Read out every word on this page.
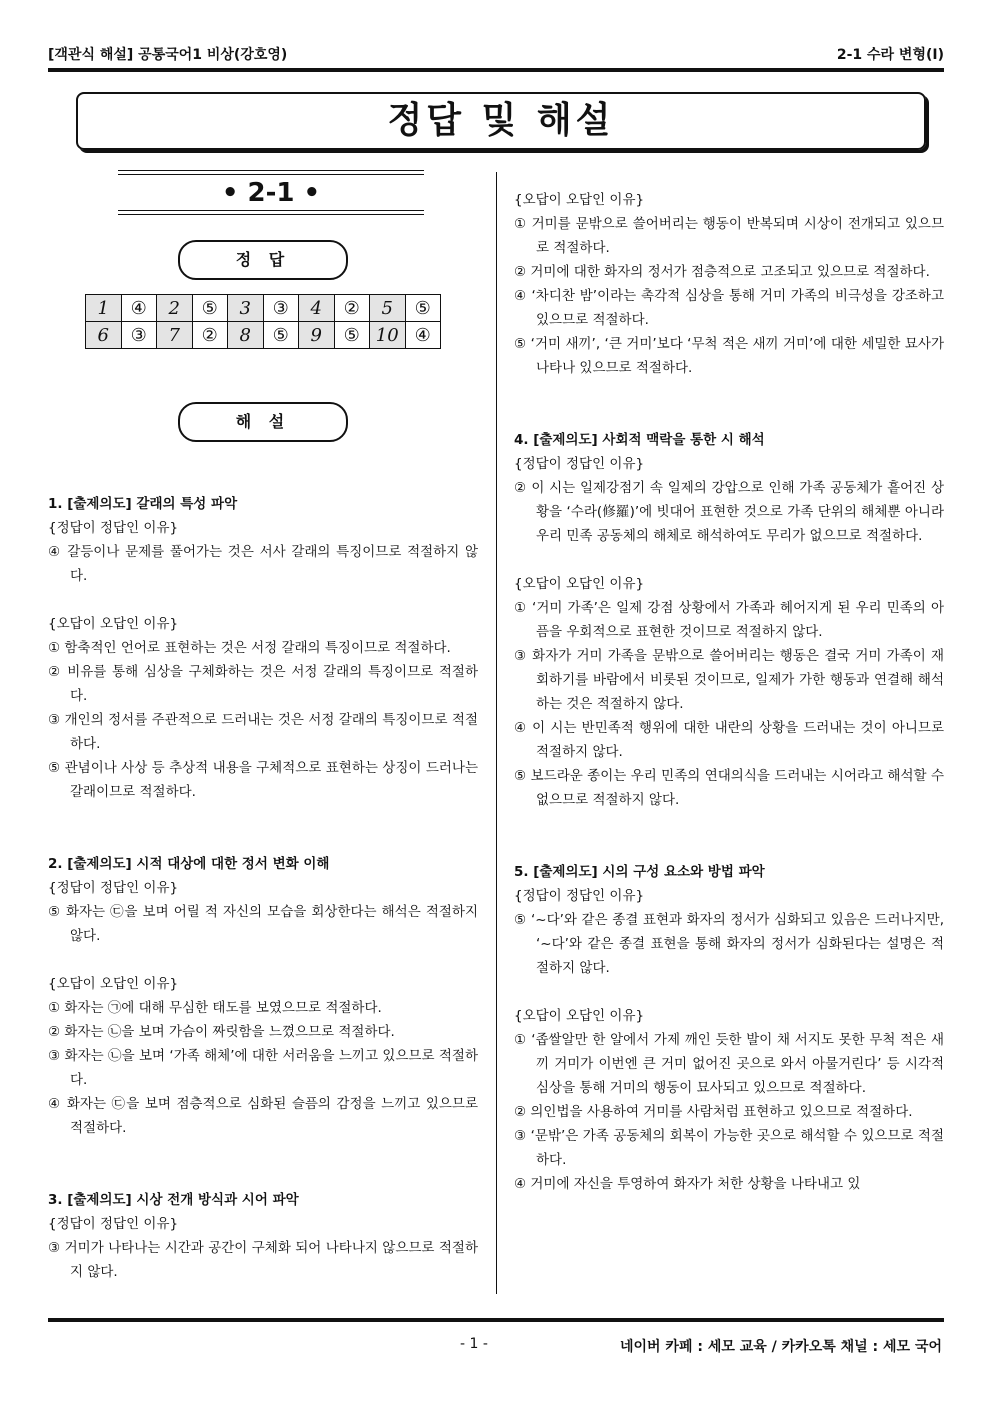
[객관식 해설] 공통국어1 비상(강호영)	2-1 수라 변형(I)
정답 및 해설
• 2-1 •
정 답
1	④	2	⑤	3	③	4	②	5	⑤
6	③	7	②	8	⑤	9	⑤	10	④
해 설

1. [출제의도] 갈래의 특성 파악

{정답이 정답인 이유}

④ 갈등이나 문제를 풀어가는 것은 서사 갈래의 특징이므로 적절하지 않다.

{오답이 오답인 이유}

① 함축적인 언어로 표현하는 것은 서정 갈래의 특징이므로 적절하다.

② 비유를 통해 심상을 구체화하는 것은 서정 갈래의 특징이므로 적절하다.

③ 개인의 정서를 주관적으로 드러내는 것은 서정 갈래의 특징이므로 적절하다.

⑤ 관념이나 사상 등 추상적 내용을 구체적으로 표현하는 상징이 드러나는 갈래이므로 적절하다.

2. [출제의도] 시적 대상에 대한 정서 변화 이해

{정답이 정답인 이유}

⑤ 화자는 ㉢을 보며 어릴 적 자신의 모습을 회상한다는 해석은 적절하지 않다.

{오답이 오답인 이유}

① 화자는 ㉠에 대해 무심한 태도를 보였으므로 적절하다.

② 화자는 ㉡을 보며 가슴이 짜릿함을 느꼈으므로 적절하다.

③ 화자는 ㉡을 보며 ‘가족 해체’에 대한 서러움을 느끼고 있으므로 적절하다.

④ 화자는 ㉢을 보며 점층적으로 심화된 슬픔의 감정을 느끼고 있으므로 적절하다.

3. [출제의도] 시상 전개 방식과 시어 파악

{정답이 정답인 이유}

③ 거미가 나타나는 시간과 공간이 구체화 되어 나타나지 않으므로 적절하지 않다.

{오답이 오답인 이유}

① 거미를 문밖으로 쓸어버리는 행동이 반복되며 시상이 전개되고 있으므로 적절하다.

② 거미에 대한 화자의 정서가 점층적으로 고조되고 있으므로 적절하다.

④ ‘차디찬 밤’이라는 촉각적 심상을 통해 거미 가족의 비극성을 강조하고 있으므로 적절하다.

⑤ ‘거미 새끼’, ‘큰 거미’보다 ‘무척 적은 새끼 거미’에 대한 세밀한 묘사가 나타나 있으므로 적절하다.

4. [출제의도] 사회적 맥락을 통한 시 해석

{정답이 정답인 이유}

② 이 시는 일제강점기 속 일제의 강압으로 인해 가족 공동체가 흩어진 상황을 ‘수라(修羅)’에 빗대어 표현한 것으로 가족 단위의 해체뿐 아니라 우리 민족 공동체의 해체로 해석하여도 무리가 없으므로 적절하다.

{오답이 오답인 이유}

① ‘거미 가족’은 일제 강점 상황에서 가족과 헤어지게 된 우리 민족의 아픔을 우회적으로 표현한 것이므로 적절하지 않다.

③ 화자가 거미 가족을 문밖으로 쓸어버리는 행동은 결국 거미 가족이 재회하기를 바람에서 비롯된 것이므로, 일제가 가한 행동과 연결해 해석하는 것은 적절하지 않다.

④ 이 시는 반민족적 행위에 대한 내란의 상황을 드러내는 것이 아니므로 적절하지 않다.

⑤ 보드라운 종이는 우리 민족의 연대의식을 드러내는 시어라고 해석할 수 없으므로 적절하지 않다.

5. [출제의도] 시의 구성 요소와 방법 파악

{정답이 정답인 이유}

⑤ ‘~다’와 같은 종결 표현과 화자의 정서가 심화되고 있음은 드러나지만, ‘~다’와 같은 종결 표현을 통해 화자의 정서가 심화된다는 설명은 적절하지 않다.

{오답이 오답인 이유}

① ‘좁쌀알만 한 알에서 가제 깨인 듯한 발이 채 서지도 못한 무척 적은 새끼 거미가 이번엔 큰 거미 없어진 곳으로 와서 아물거린다’ 등 시각적 심상을 통해 거미의 행동이 묘사되고 있으므로 적절하다.

② 의인법을 사용하여 거미를 사람처럼 표현하고 있으므로 적절하다.

③ ‘문밖’은 가족 공동체의 회복이 가능한 곳으로 해석할 수 있으므로 적절하다.

④ 거미에 자신을 투영하여 화자가 처한 상황을 나타내고 있

- 1 -	네이버 카페 : 세모 교육 / 카카오톡 채널 : 세모 국어
